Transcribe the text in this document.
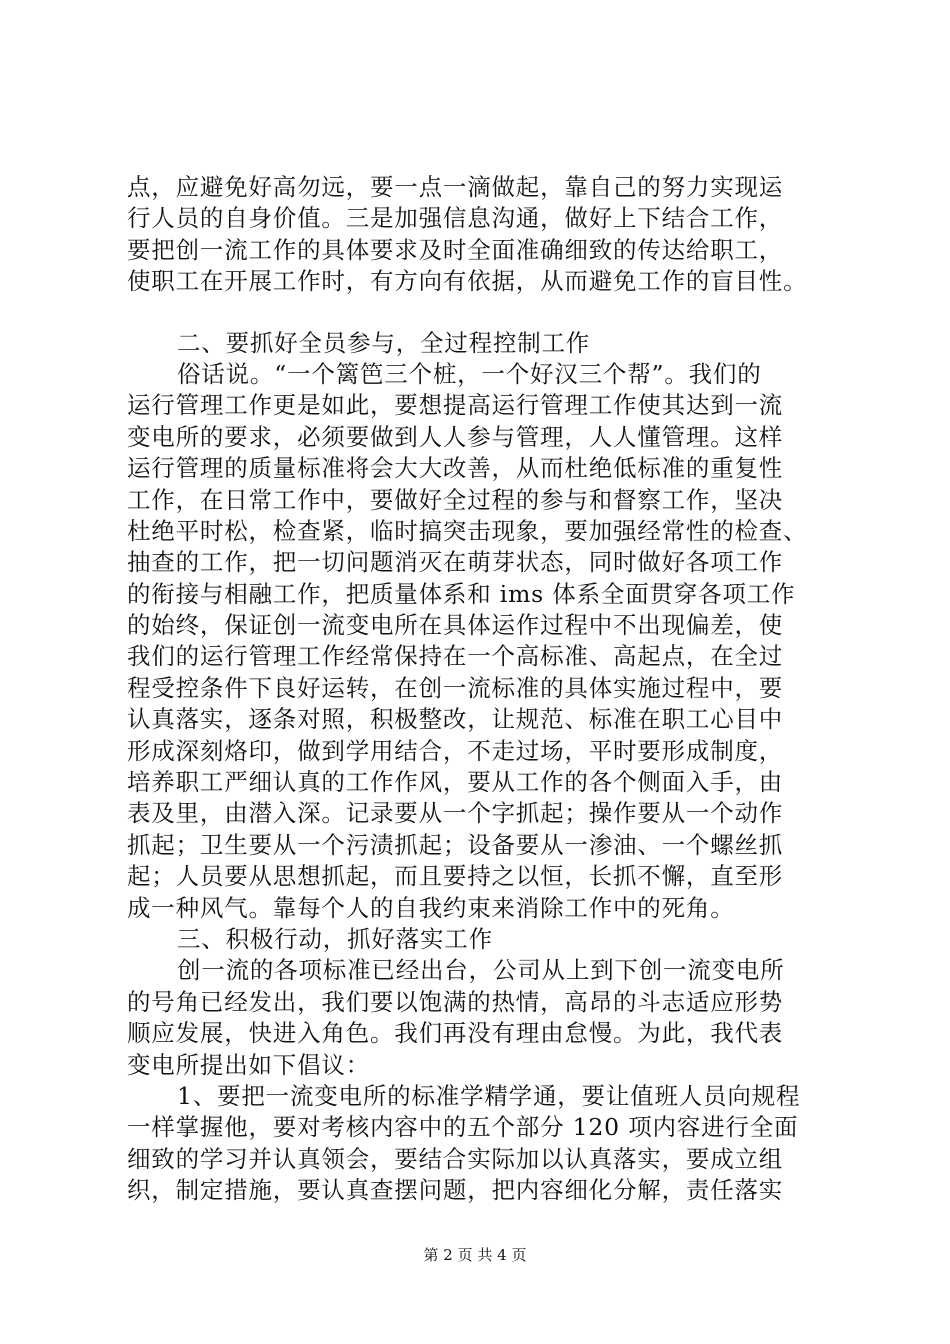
点，应避免好高勿远，要一点一滴做起，靠自己的努力实现运
行人员的自身价值。三是加强信息沟通，做好上下结合工作，
要把创一流工作的具体要求及时全面准确细致的传达给职工，
使职工在开展工作时，有方向有依据，从而避免工作的盲目性。
二、要抓好全员参与，全过程控制工作
俗话说。“一个篱笆三个桩，一个好汉三个帮”。我们的
运行管理工作更是如此，要想提高运行管理工作使其达到一流
变电所的要求，必须要做到人人参与管理，人人懂管理。这样
运行管理的质量标准将会大大改善，从而杜绝低标准的重复性
工作，在日常工作中，要做好全过程的参与和督察工作，坚决
杜绝平时松，检查紧，临时搞突击现象，要加强经常性的检查、
抽查的工作，把一切问题消灭在萌芽状态，同时做好各项工作
的衔接与相融工作，把质量体系和 ims 体系全面贯穿各项工作
的始终，保证创一流变电所在具体运作过程中不出现偏差，使
我们的运行管理工作经常保持在一个高标准、高起点，在全过
程受控条件下良好运转，在创一流标准的具体实施过程中，要
认真落实，逐条对照，积极整改，让规范、标准在职工心目中
形成深刻烙印，做到学用结合，不走过场，平时要形成制度，
培养职工严细认真的工作作风，要从工作的各个侧面入手，由
表及里，由潜入深。记录要从一个字抓起；操作要从一个动作
抓起；卫生要从一个污渍抓起；设备要从一渗油、一个螺丝抓
起；人员要从思想抓起，而且要持之以恒，长抓不懈，直至形
成一种风气。靠每个人的自我约束来消除工作中的死角。
三、积极行动，抓好落实工作
创一流的各项标准已经出台，公司从上到下创一流变电所
的号角已经发出，我们要以饱满的热情，高昂的斗志适应形势
顺应发展，快进入角色。我们再没有理由怠慢。为此，我代表
变电所提出如下倡议：
1、要把一流变电所的标准学精学通，要让值班人员向规程
一样掌握他，要对考核内容中的五个部分 120 项内容进行全面
细致的学习并认真领会，要结合实际加以认真落实，要成立组
织，制定措施，要认真查摆问题，把内容细化分解，责任落实
第 2 页 共 4 页
